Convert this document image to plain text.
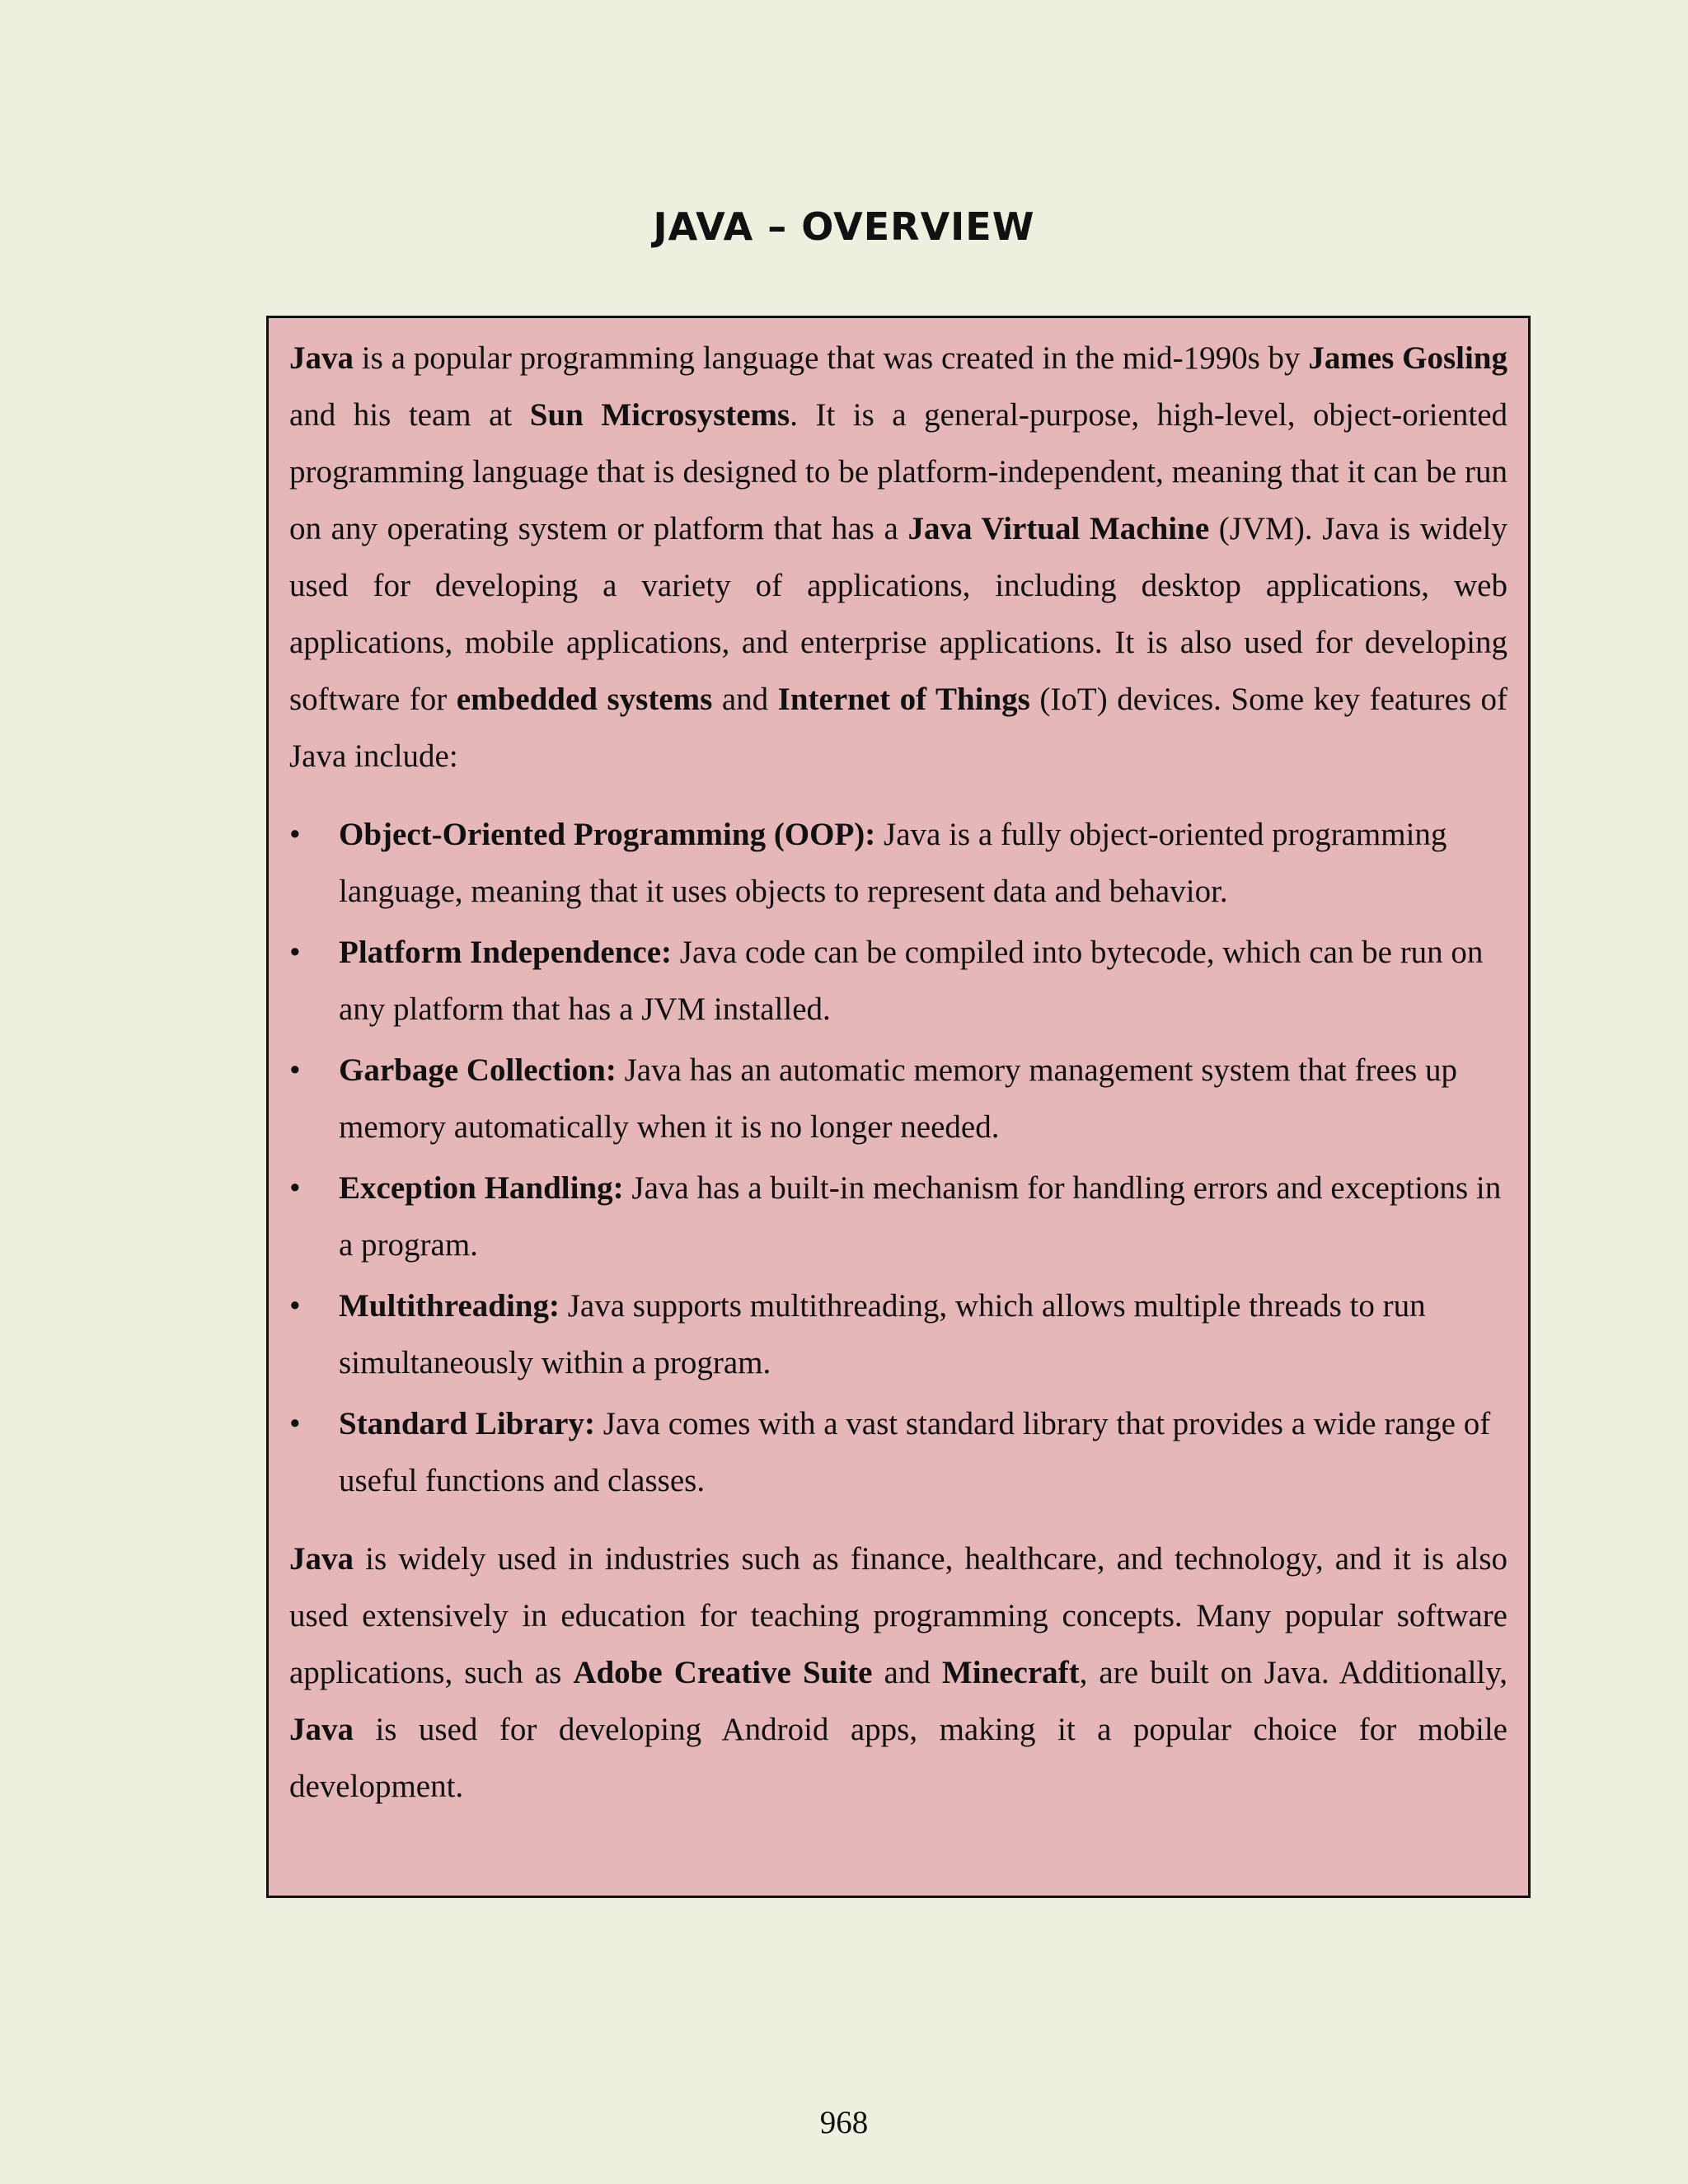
JAVA – OVERVIEW

Java is a popular programming language that was created in the mid-1990s by James Gosling and his team at Sun Microsystems. It is a general-purpose, high-level, object-oriented programming language that is designed to be platform-independent, meaning that it can be run on any operating system or platform that has a Java Virtual Machine (JVM). Java is widely used for developing a variety of applications, including desktop applications, web applications, mobile applications, and enterprise applications. It is also used for developing software for embedded systems and Internet of Things (IoT) devices. Some key features of Java include:

•	Object-Oriented Programming (OOP): Java is a fully object-oriented programming language, meaning that it uses objects to represent data and behavior.
•	Platform Independence: Java code can be compiled into bytecode, which can be run on any platform that has a JVM installed.
•	Garbage Collection: Java has an automatic memory management system that frees up memory automatically when it is no longer needed.
•	Exception Handling: Java has a built-in mechanism for handling errors and exceptions in a program.
•	Multithreading: Java supports multithreading, which allows multiple threads to run simultaneously within a program.
•	Standard Library: Java comes with a vast standard library that provides a wide range of useful functions and classes.

Java is widely used in industries such as finance, healthcare, and technology, and it is also used extensively in education for teaching programming concepts. Many popular software applications, such as Adobe Creative Suite and Minecraft, are built on Java. Additionally, Java is used for developing Android apps, making it a popular choice for mobile development.

968
